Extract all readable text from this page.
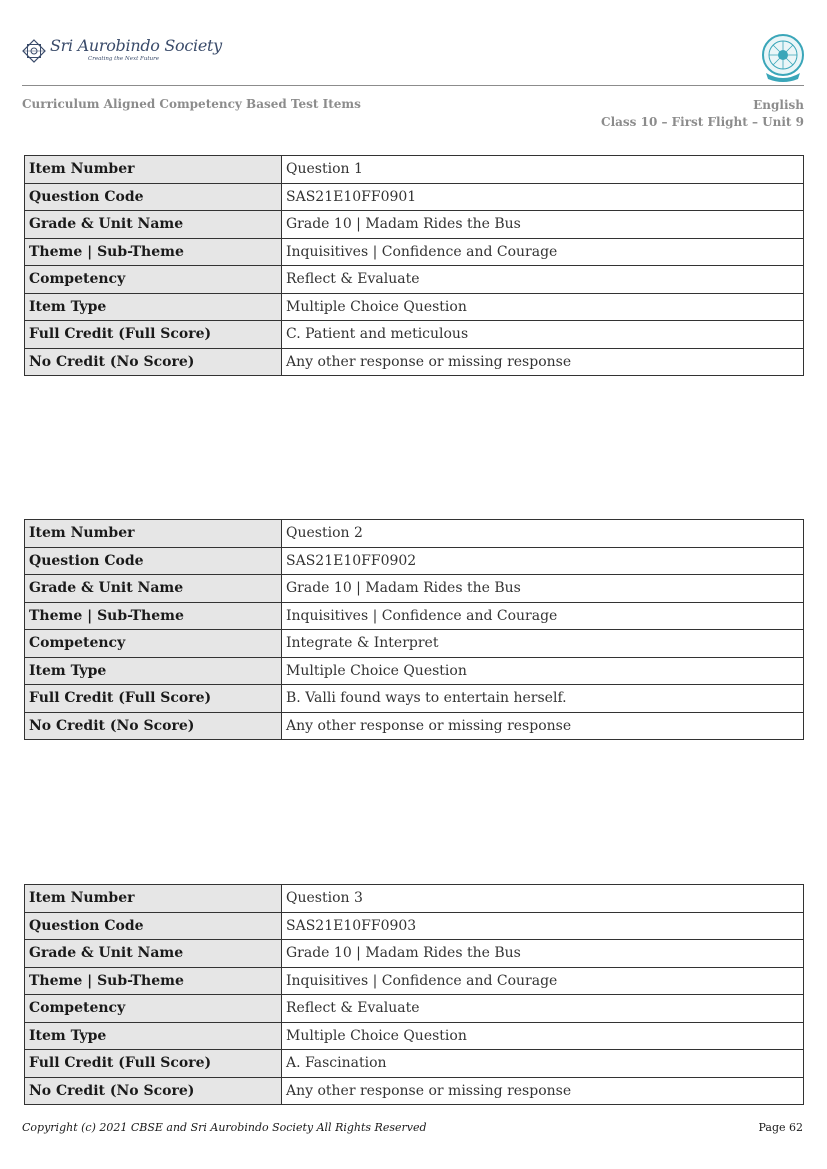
Sri Aurobindo Society
Creating the Next Future
Curriculum Aligned Competency Based Test Items	English
Class 10 – First Flight – Unit 9
Item Number	Question 1
Question Code	SAS21E10FF0901
Grade & Unit Name	Grade 10 | Madam Rides the Bus
Theme | Sub-Theme	Inquisitives | Confidence and Courage
Competency	Reflect & Evaluate
Item Type	Multiple Choice Question
Full Credit (Full Score)	C. Patient and meticulous
No Credit (No Score)	Any other response or missing response
Item Number	Question 2
Question Code	SAS21E10FF0902
Grade & Unit Name	Grade 10 | Madam Rides the Bus
Theme | Sub-Theme	Inquisitives | Confidence and Courage
Competency	Integrate & Interpret
Item Type	Multiple Choice Question
Full Credit (Full Score)	B. Valli found ways to entertain herself.
No Credit (No Score)	Any other response or missing response
Item Number	Question 3
Question Code	SAS21E10FF0903
Grade & Unit Name	Grade 10 | Madam Rides the Bus
Theme | Sub-Theme	Inquisitives | Confidence and Courage
Competency	Reflect & Evaluate
Item Type	Multiple Choice Question
Full Credit (Full Score)	A. Fascination
No Credit (No Score)	Any other response or missing response
Copyright (c) 2021 CBSE and Sri Aurobindo Society All Rights Reserved	Page 62
